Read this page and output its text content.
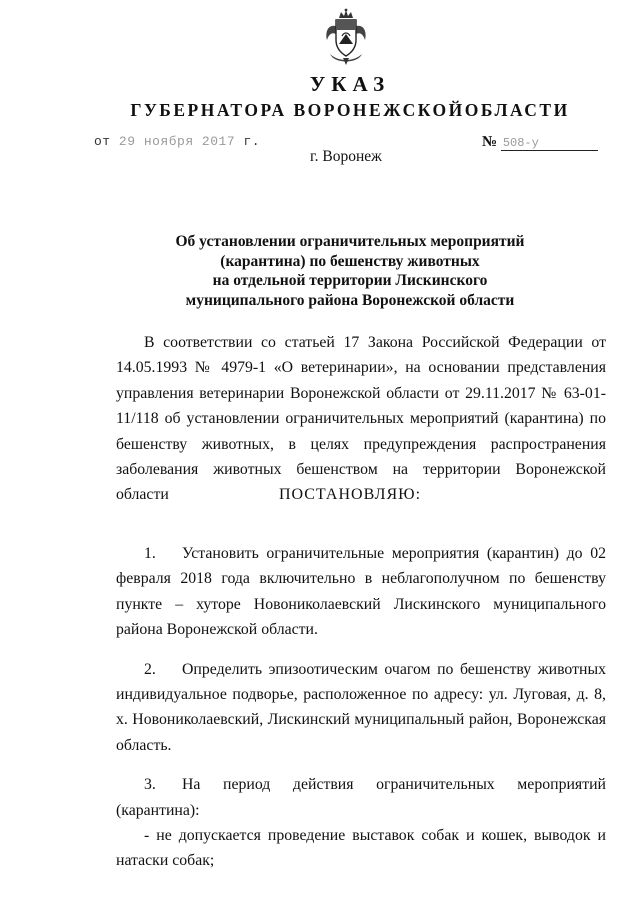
УКАЗ
ГУБЕРНАТОРА ВОРОНЕЖСКОЙОБЛАСТИ
от 29 ноября 2017 г.	№ 508-у
г. Воронеж
Об установлении ограничительных мероприятий
(карантина) по бешенству животных
на отдельной территории Лискинского
муниципального района Воронежской области

В соответствии со статьей 17 Закона Российской Федерации от 14.05.1993 № 4979-1 «О ветеринарии», на основании представления управления ветеринарии Воронежской области от 29.11.2017 № 63-01-11/118 об установлении ограничительных мероприятий (карантина) по бешенству животных, в целях предупреждения распространения заболевания животных бешенством на территории Воронежской области	ПОСТАНОВЛЯЮ:

1. Установить ограничительные мероприятия (карантин) до 02 февраля 2018 года включительно в неблагополучном по бешенству пункте – хуторе Новониколаевский Лискинского муниципального района Воронежской области.

2. Определить эпизоотическим очагом по бешенству животных индивидуальное подворье, расположенное по адресу: ул. Луговая, д. 8, х. Новониколаевский, Лискинский муниципальный район, Воронежская область.

3. На период действия ограничительных мероприятий (карантина):

- не допускается проведение выставок собак и кошек, выводок и натаски собак;
